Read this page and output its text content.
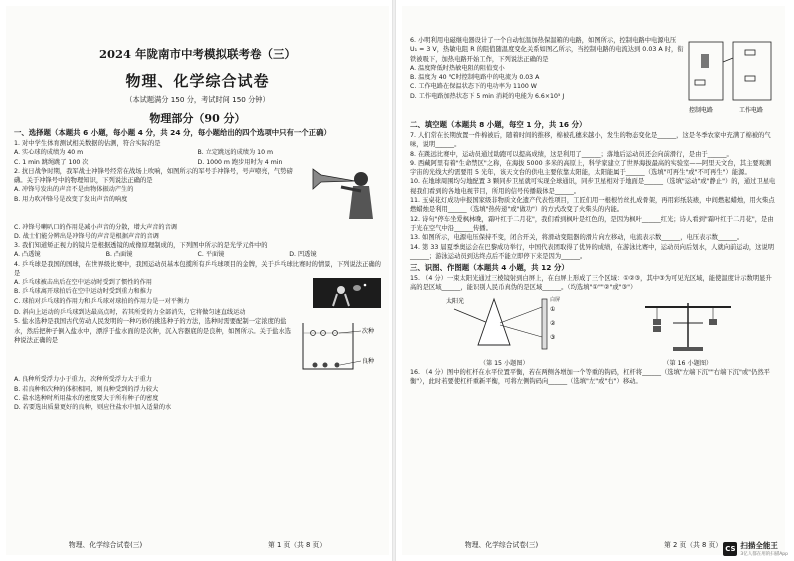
2024 年陇南市中考模拟联考卷（三）
物理、化学综合试卷
（本试题满分 150 分，考试时间 150 分钟）
物理部分（90 分）
一、选择题（本题共 6 小题，每小题 4 分，共 24 分，每小题给出的四个选项中只有一个正确）
1. 对中学生体育测试相关数据的估测，符合实际的是
A. 实心球的成绩为 40 m	B. 立定跳远的成绩为 10 m
C. 1 min 跳绳跳了 100 次	D. 1000 m 跑步用时为 4 min
2. 抗日战争时期，我军战士冲锋号经常在战场上吹响，如图所示的军号手冲锋号，号声嘹亮，气势磅礴。关于冲锋号中的物理知识，下列说法正确的是
A. 冲锋号发出的声音不是由物体振动产生的
B. 用力吹冲锋号是改变了发出声音的响度
C. 冲锋号喇叭口的作用是减小声音的分散，增大声音的音调
D. 战士们能分辨出是冲锋号的声音是根据声音的音调
3. 我们知道矫正视力的镜片是根据透镜的成像原理制成的，下列图中所示的是光学元件中的
A. 凸透镜	B. 凸面镜	C. 平面镜	D. 凹透镜
4. 乒乓球是我国的国球，在世界级比赛中，我国运动员基本包揽所有乒乓球项目的金牌，关于乒乓球比赛时的情景，下列说法正确的是
A. 乒乓球被击出后在空中运动时受到了惯性的作用
B. 乒乓球离开球拍后在空中运动时受到重力和推力
C. 球拍对乒乓球的作用力和乒乓球对球拍的作用力是一对平衡力
D. 斜向上运动的乒乓球到达最高点时，若其所受的力全部消失，它将做匀速直线运动
5. 盐水选种是我国古代劳动人民发明的一种巧妙的挑选种子的方法，选种时需要配制一定浓度的盐水，然后把种子倒入盐水中，漂浮于盐水面的是次种，沉入容器底的是良种，如图所示。关于盐水选种说法正确的是
次种
良种
A. 良种所受浮力小于重力，次种所受浮力大于重力
B. 若良种和次种的体积相同，则良种受到的浮力较大
C. 盐水选种时所用盐水的密度要大于所有种子的密度
D. 若要选出质量更好的良种，则应往盐水中加入适量的水
物理、化学综合试卷(三)	第 1 页（共 8 页）
6. 小明利用电磁继电器设计了一个自动恒温加热保温箱的电路，如图所示，控制电路中电源电压 U₁ = 3 V，热敏电阻 R 的阻值随温度变化关系如图乙所示，当控制电路的电流达到 0.03 A 时，衔铁被吸下，加热电路开始工作，下列说法正确的是
A. 温度降低时热敏电阻的阻值变小
B. 温度为 40 ℃时控制电路中的电流为 0.03 A
C. 工作电路在保温状态下的电功率为 1100 W
D. 工作电路加热状态下 5 min 消耗的电能为 6.6×10⁵ J
控制电路	工作电路
二、填空题（本题共 8 小题，每空 1 分，共 16 分）
7. 人们常在长期放置一件棉被后，随着时间的推移，棉被孔穗来越小，发生的物态变化是______，这是冬季农家中充满了棉被的气味，说明______。
8. 在跳远比赛中，运动员通过助跑可以提高成绩，这是利用了______；落地后运动员还会向前滑行，是由于______。
9. 西藏阿里有着"生命禁区"之称，在海拔 5000 多米的高原上，科学家建立了世界海拔最高的实验室——阿里天文台，其主要观测宇宙的光线大约需要用 5 光年，该天文台的供电主要依靠太阳能，太阳能属于______（选填"可再生"或"不可再生"）能源。
10. 在地球周围均匀地配置 3 颗同步卫星就可实现全球通讯，同步卫星相对于地面是______（选填"运动"或"静止"）的，通过卫星电视我们看到的各地电视节目，所用的信号传播载体是______。
11. 玉桌花灯成功申报国家级非物质文化遗产代表性项目，工匠们用一根根竹丝扎成骨架，再用彩纸装裱，中间燃起蜡烛，用火柴点燃蜡烛是利用______（选填"热传递"或"做功"）的方式改变了火柴头的内能。
12. 诗句"停车坐爱枫林晚，霜叶红于二月花"，我们看到枫叶是红色的，是因为枫叶______红光；诗人看到"霜叶红于二月花"，是由于光在空气中沿______传播。
13. 如图所示，电源电压保持不变，闭合开关，将滑动变阻器的滑片向左移动，电流表示数______，电压表示数______。
14. 第 33 届夏季奥运会在巴黎成功举行，中国代表团取得了优异的成绩，在游泳比赛中，运动员向后划水，人就向前运动，这说明______；游泳运动员到达终点后不能立即停下来是因为______。
三、识图、作图题（本题共 4 小题，共 12 分）
15. （4 分）一束太阳光通过三棱镜射到白屏上，在白屏上形成了三个区域：①②③，其中③为可见光区域，能使温度计示数明显升高的是区域______，能识别人民币真伪的是区域______。（均选填"①""②"或"③"）
太阳光	白屏
①
②
③
（第 15 小题图）	（第 16 小题图）
16. （4 分）图中的杠杆在水平位置平衡，若在两侧各增加一个等重的钩码，杠杆将______（选填"左端下沉""右端下沉"或"仍然平衡"），此时若要使杠杆重新平衡，可将左侧钩码向______（选填"左"或"右"）移动。
物理、化学综合试卷(三)	第 2 页（共 8 页） CS 扫描全能王
3亿人都在用的扫描App
